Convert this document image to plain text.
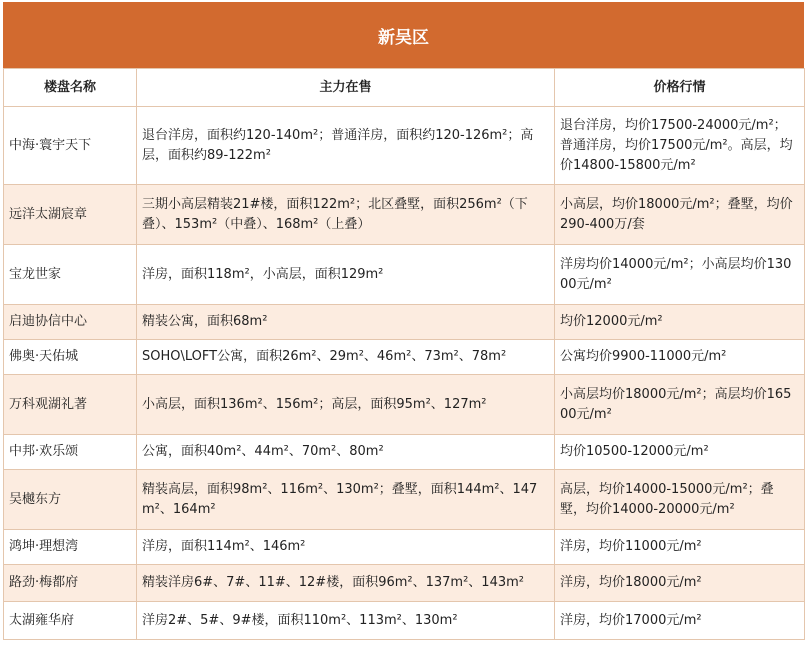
新吴区
楼盘名称	主力在售	价格行情
中海·寰宇天下	退台洋房，面积约120-140m²；普通洋房，面积约120-126m²；高层，面积约89-122m²	退台洋房，均价17500-24000元/m²；普通洋房，均价17500元/m²。高层，均价14800-15800元/m²
远洋太湖宸章	三期小高层精装21#楼，面积122m²；北区叠墅，面积256m²（下叠）、153m²（中叠）、168m²（上叠）	小高层，均价18000元/m²；叠墅，均价290-400万/套
宝龙世家	洋房，面积118m²，小高层，面积129m²	洋房均价14000元/m²；小高层均价13000元/m²
启迪协信中心	精装公寓，面积68m²	均价12000元/m²
佛奥·天佑城	SOHO\LOFT公寓，面积26m²、29m²、46m²、73m²、78m²	公寓均价9900-11000元/m²
万科观湖礼著	小高层，面积136m²、156m²；高层，面积95m²、127m²	小高层均价18000元/m²；高层均价16500元/m²
中邦·欢乐颂	公寓，面积40m²、44m²、70m²、80m²	均价10500-12000元/m²
吴樾东方	精装高层，面积98m²、116m²、130m²；叠墅，面积144m²、147m²、164m²	高层，均价14000-15000元/m²；叠墅，均价14000-20000元/m²
鸿坤·理想湾	洋房，面积114m²、146m²	洋房，均价11000元/m²
路劲·梅都府	精装洋房6#、7#、11#、12#楼，面积96m²、137m²、143m²	洋房，均价18000元/m²
太湖雍华府	洋房2#、5#、9#楼，面积110m²、113m²、130m²	洋房，均价17000元/m²
